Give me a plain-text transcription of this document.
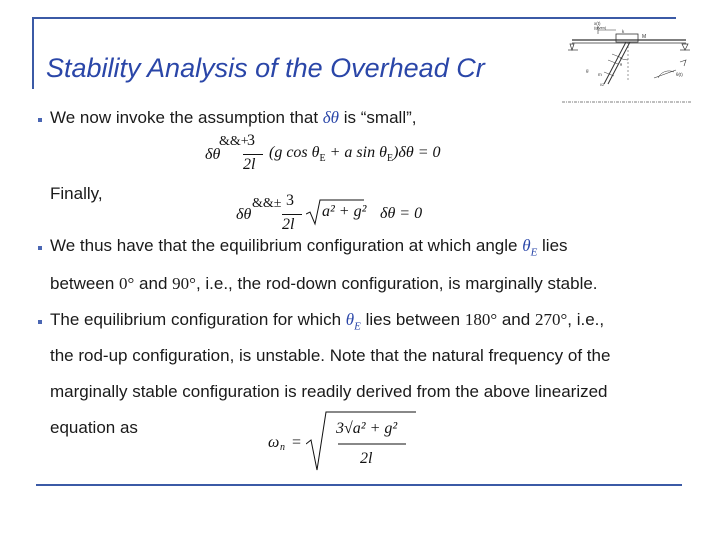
Stability Analysis of the Overhead Cr
x(t)
(given)
M
k
g
θ
m
l/2
θ(t)
We now invoke the assumption that δθ is “small”,
δθ
&&+
3
2l
(g $\cos \theta_E + a$ $\sin \theta_E)\delta\theta = 0$
Finally,
δθ
&&± 3
2l
a² + g² δθ = 0
We thus have that the equilibrium configuration at which angle $\theta_E$ lies
between 0° and 90°, i.e., the rod-down configuration, is marginally stable.
The equilibrium configuration for which $\theta_E$ lies between 180° and 270°, i.e.,
the rod-up configuration, is unstable. Note that the natural frequency of the
marginally stable configuration is readily derived from the above linearized
equation as
ω n =
3√a² + g²
2l
